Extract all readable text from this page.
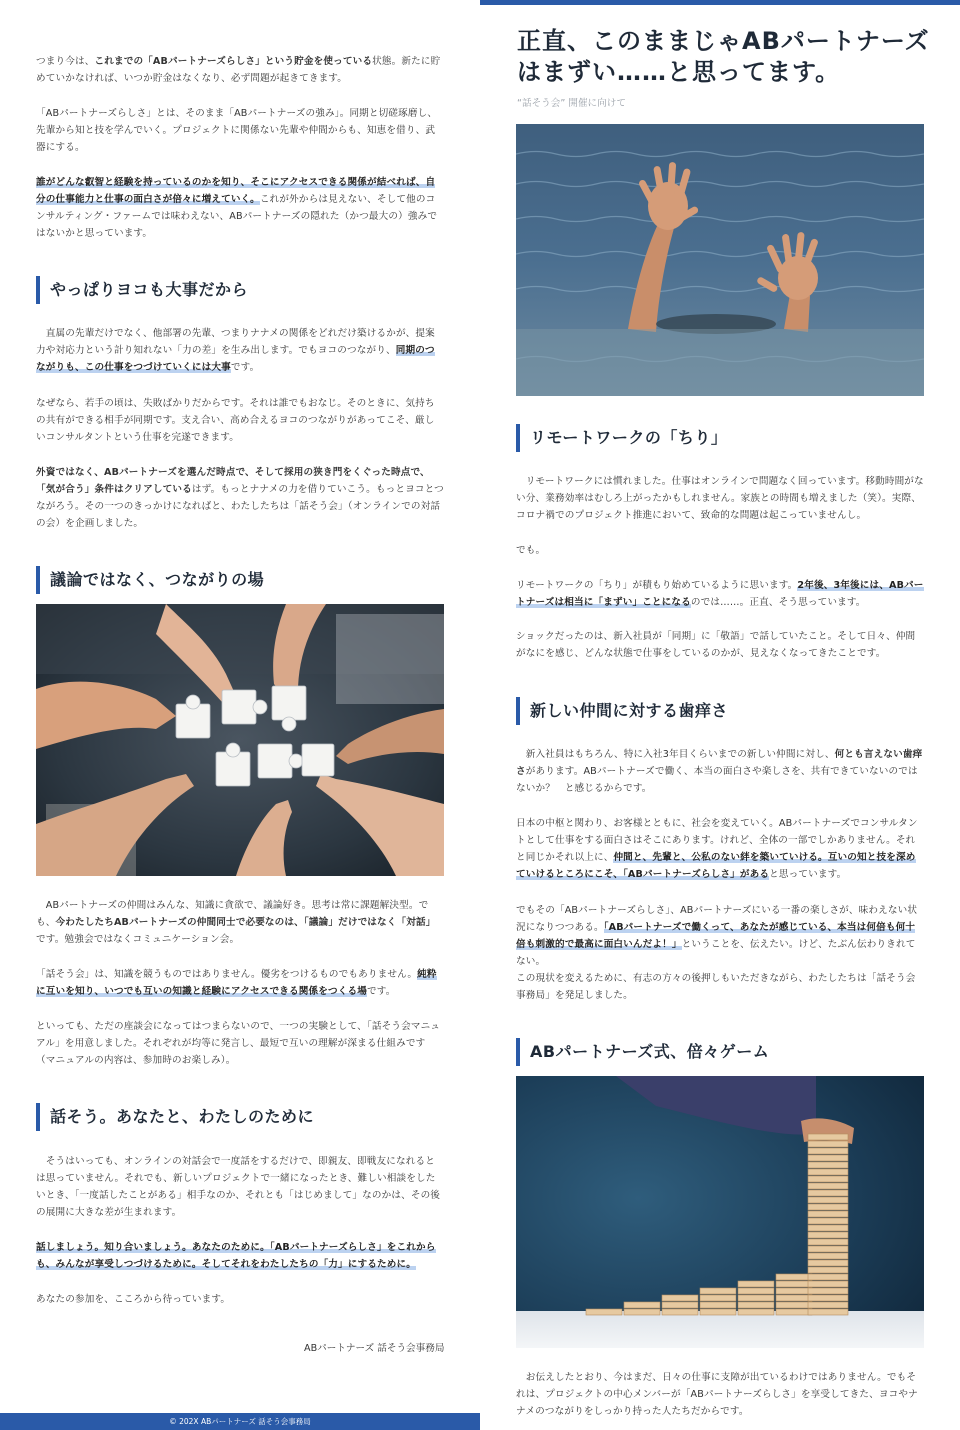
つまり今は、これまでの「ABパートナーズらしさ」という貯金を使っている状態。新たに貯めていかなければ、いつか貯金はなくなり、必ず問題が起きてきます。

「ABパートナーズらしさ」とは、そのまま「ABパートナーズの強み」。同期と切磋琢磨し、先輩から知と技を学んでいく。プロジェクトに関係ない先輩や仲間からも、知恵を借り、武器にする。

誰がどんな叡智と経験を持っているのかを知り、そこにアクセスできる関係が結べれば、自分の仕事能力と仕事の面白さが倍々に増えていく。これが外からは見えない、そして他のコンサルティング・ファームでは味わえない、ABパートナーズの隠れた（かつ最大の）強みではないかと思っています。

やっぱりヨコも大事だから

　直属の先輩だけでなく、他部署の先輩、つまりナナメの関係をどれだけ築けるかが、提案力や対応力という計り知れない「力の差」を生み出します。でもヨコのつながり、同期のつながりも、この仕事をつづけていくには大事です。

なぜなら、若手の頃は、失敗ばかりだからです。それは誰でもおなじ。そのときに、気持ちの共有ができる相手が同期です。支え合い、高め合えるヨコのつながりがあってこそ、厳しいコンサルタントという仕事を完遂できます。

外資ではなく、ABパートナーズを選んだ時点で、そして採用の狭き門をくぐった時点で、「気が合う」条件はクリアしているはず。もっとナナメの力を借りていこう。もっとヨコとつながろう。その一つのきっかけになればと、わたしたちは「話そう会」（オンラインでの対話の会）を企画しました。

議論ではなく、つながりの場

　ABパートナーズの仲間はみんな、知識に貪欲で、議論好き。思考は常に課題解決型。でも、今わたしたちABパートナーズの仲間同士で必要なのは、「議論」だけではなく「対話」です。勉強会ではなくコミュニケーション会。

「話そう会」は、知識を競うものではありません。優劣をつけるものでもありません。純粋に互いを知り、いつでも互いの知識と経験にアクセスできる関係をつくる場です。

といっても、ただの座談会になってはつまらないので、一つの実験として、「話そう会マニュアル」を用意しました。それぞれが均等に発言し、最短で互いの理解が深まる仕組みです（マニュアルの内容は、参加時のお楽しみ）。

話そう。あなたと、わたしのために

　そうはいっても、オンラインの対話会で一度話をするだけで、即親友、即戦友になれるとは思っていません。それでも、新しいプロジェクトで一緒になったとき、難しい相談をしたいとき、「一度話したことがある」相手なのか、それとも「はじめまして」なのかは、その後の展開に大きな差が生まれます。

話しましょう。知り合いましょう。あなたのために。「ABパートナーズらしさ」をこれからも、みんなが享受しつづけるために。そしてそれをわたしたちの「力」にするために。

あなたの参加を、こころから待っています。

ABパートナーズ 話そう会事務局
© 202X ABパートナーズ 話そう会事務局
正直、このままじゃABパートナーズ
はまずい……と思ってます。
“話そう会” 開催に向けて
リモートワークの「ちり」

　リモートワークには慣れました。仕事はオンラインで問題なく回っています。移動時間がない分、業務効率はむしろ上がったかもしれません。家族との時間も増えました（笑）。実際、コロナ禍でのプロジェクト推進において、致命的な問題は起こっていませんし。

でも。

リモートワークの「ちり」が積もり始めているように思います。2年後、3年後には、ABパートナーズは相当に「まずい」ことになるのでは……。正直、そう思っています。

ショックだったのは、新入社員が「同期」に「敬語」で話していたこと。そして日々、仲間がなにを感じ、どんな状態で仕事をしているのかが、見えなくなってきたことです。

新しい仲間に対する歯痒さ

　新入社員はもちろん、特に入社3年目くらいまでの新しい仲間に対し、何とも言えない歯痒さがあります。ABパートナーズで働く、本当の面白さや楽しさを、共有できていないのではないか？　と感じるからです。

日本の中枢と関わり、お客様とともに、社会を変えていく。ABパートナーズでコンサルタントとして仕事をする面白さはそこにあります。けれど、全体の一部でしかありません。それと同じかそれ以上に、仲間と、先輩と、公私のない絆を築いていける。互いの知と技を深めていけるところにこそ、「ABパートナーズらしさ」があると思っています。

でもその「ABパートナーズらしさ」、ABパートナーズにいる一番の楽しさが、味わえない状況になりつつある。「ABパートナーズで働くって、あなたが感じている、本当は何倍も何十倍も刺激的で最高に面白いんだよ！」ということを、伝えたい。けど、たぶん伝わりきれてない。

この現状を変えるために、有志の方々の後押しもいただきながら、わたしたちは「話そう会事務局」を発足しました。

ABパートナーズ式、倍々ゲーム

　お伝えしたとおり、今はまだ、日々の仕事に支障が出ているわけではありません。でもそれは、プロジェクトの中心メンバーが「ABパートナーズらしさ」を享受してきた、ヨコやナナメのつながりをしっかり持った人たちだからです。
